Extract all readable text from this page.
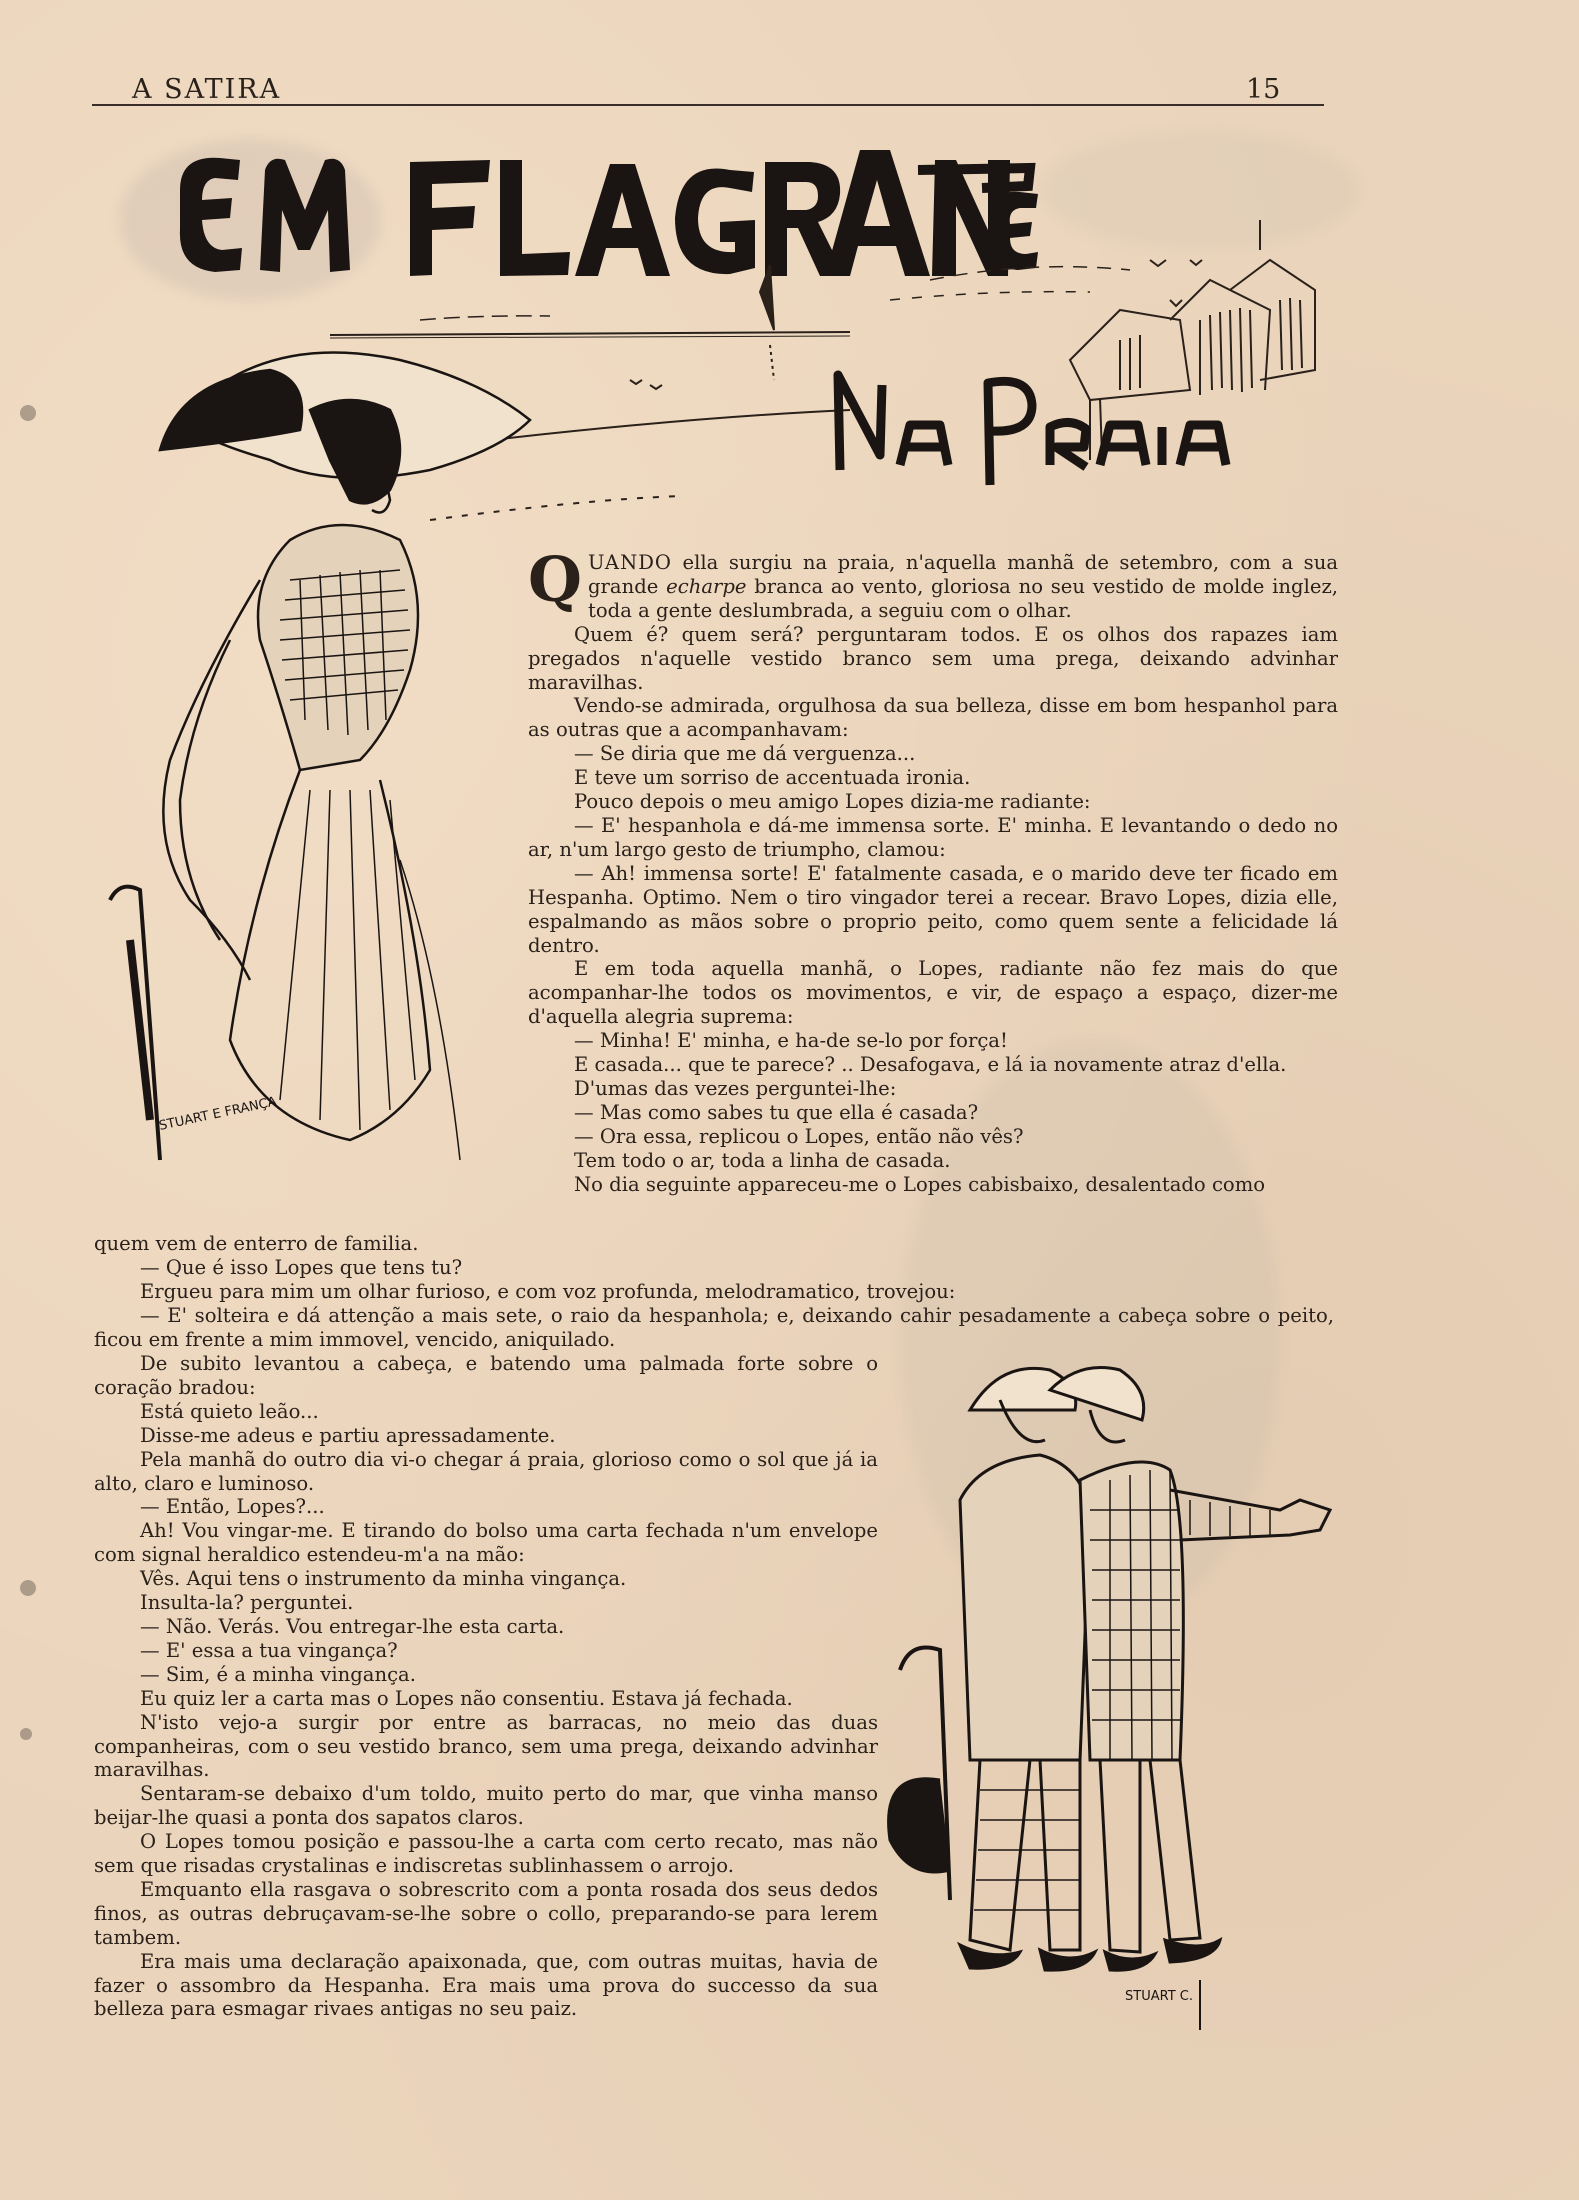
A SATIRA	15
STUART E FRANÇA
STUART C.

QUANDO ella surgiu na praia, n'aquella manhã de setembro, com a sua grande echarpe branca ao vento, gloriosa no seu vestido de molde inglez, toda a gente deslumbrada, a seguiu com o olhar.

Quem é? quem será? perguntaram todos. E os olhos dos rapazes iam pregados n'aquelle vestido branco sem uma prega, deixando advinhar maravilhas.

Vendo-se admirada, orgulhosa da sua belleza, disse em bom hespanhol para as outras que a acompanhavam:

— Se diria que me dá verguenza...

E teve um sorriso de accentuada ironia.

Pouco depois o meu amigo Lopes dizia-me radiante:

— E' hespanhola e dá-me immensa sorte. E' minha. E levantando o dedo no ar, n'um largo gesto de triumpho, clamou:

— Ah! immensa sorte! E' fatalmente casada, e o marido deve ter ficado em Hespanha. Optimo. Nem o tiro vingador terei a recear. Bravo Lopes, dizia elle, espalmando as mãos sobre o proprio peito, como quem sente a felicidade lá dentro.

E em toda aquella manhã, o Lopes, radiante não fez mais do que acompanhar-lhe todos os movimentos, e vir, de espaço a espaço, dizer-me d'aquella alegria suprema:

— Minha! E' minha, e ha-de se-lo por força!

E casada... que te parece? .. Desafogava, e lá ia novamente atraz d'ella.

D'umas das vezes perguntei-lhe:

— Mas como sabes tu que ella é casada?

— Ora essa, replicou o Lopes, então não vês?

Tem todo o ar, toda a linha de casada.

No dia seguinte appareceu-me o Lopes cabisbaixo, desalentado como

quem vem de enterro de familia.

— Que é isso Lopes que tens tu?

Ergueu para mim um olhar furioso, e com voz profunda, melodramatico, trovejou:

— E' solteira e dá attenção a mais sete, o raio da hespanhola; e, deixando cahir pesadamente a cabeça sobre o peito, ficou em frente a mim immovel, vencido, aniquilado.

De subito levantou a cabeça, e batendo uma palmada forte sobre o coração bradou:

Está quieto leão...

Disse-me adeus e partiu apressadamente.

Pela manhã do outro dia vi-o chegar á praia, glorioso como o sol que já ia alto, claro e luminoso.

— Então, Lopes?...

Ah! Vou vingar-me. E tirando do bolso uma carta fechada n'um envelope com signal heraldico estendeu-m'a na mão:

Vês. Aqui tens o instrumento da minha vingança.

Insulta-la? perguntei.

— Não. Verás. Vou entregar-lhe esta carta.

— E' essa a tua vingança?

— Sim, é a minha vingança.

Eu quiz ler a carta mas o Lopes não consentiu. Estava já fechada.

N'isto vejo-a surgir por entre as barracas, no meio das duas companheiras, com o seu vestido branco, sem uma prega, deixando advinhar maravilhas.

Sentaram-se debaixo d'um toldo, muito perto do mar, que vinha manso beijar-lhe quasi a ponta dos sapatos claros.

O Lopes tomou posição e passou-lhe a carta com certo recato, mas não sem que risadas crystalinas e indiscretas sublinhassem o arrojo.

Emquanto ella rasgava o sobrescrito com a ponta rosada dos seus dedos finos, as outras debruçavam-se-lhe sobre o collo, preparando-se para lerem tambem.

Era mais uma declaração apaixonada, que, com outras muitas, havia de fazer o assombro da Hespanha. Era mais uma prova do successo da sua belleza para esmagar rivaes antigas no seu paiz.
